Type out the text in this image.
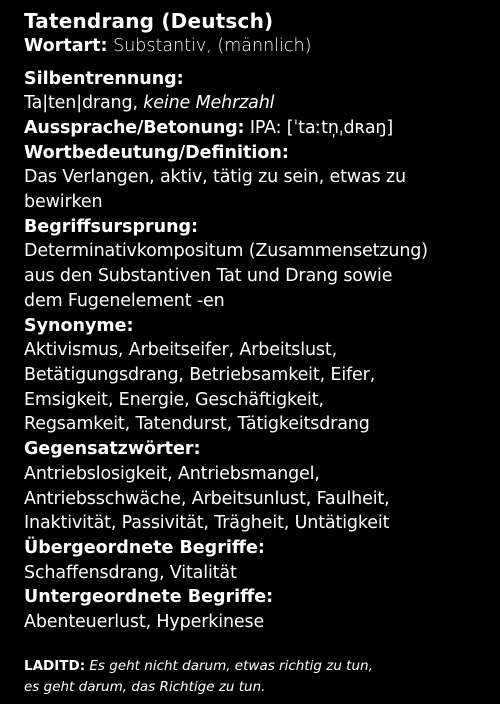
Tatendrang (Deutsch)
Wortart: Substantiv, (männlich)
Silbentrennung:
Ta|ten|drang, keine Mehrzahl
Aussprache/Betonung: IPA: [ˈtaːtn̩ˌdʀaŋ]
Wortbedeutung/Definition:
Das Verlangen, aktiv, tätig zu sein, etwas zu
bewirken
Begriffsursprung:
Determinativkompositum (Zusammensetzung)
aus den Substantiven Tat und Drang sowie
dem Fugenelement -en
Synonyme:
Aktivismus, Arbeitseifer, Arbeitslust,
Betätigungsdrang, Betriebsamkeit, Eifer,
Emsigkeit, Energie, Geschäftigkeit,
Regsamkeit, Tatendurst, Tätigkeitsdrang
Gegensatzwörter:
Antriebslosigkeit, Antriebsmangel,
Antriebsschwäche, Arbeitsunlust, Faulheit,
Inaktivität, Passivität, Trägheit, Untätigkeit
Übergeordnete Begriffe:
Schaffensdrang, Vitalität
Untergeordnete Begriffe:
Abenteuerlust, Hyperkinese
LADITD: Es geht nicht darum, etwas richtig zu tun,
es geht darum, das Richtige zu tun.
